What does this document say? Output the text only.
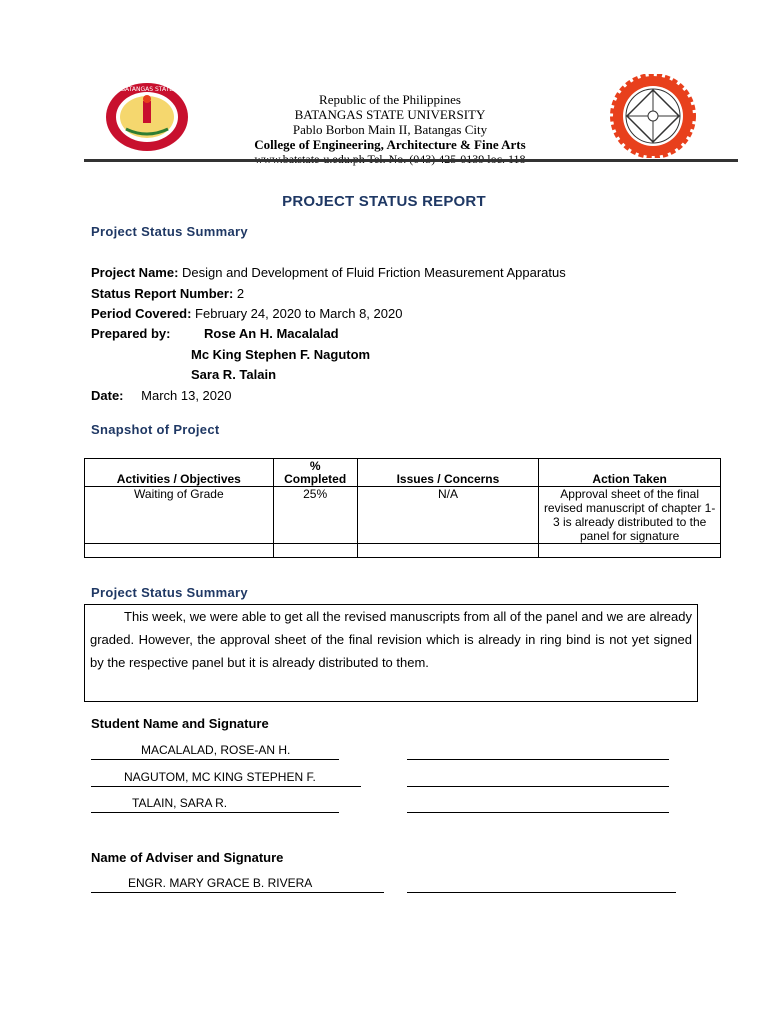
BATANGAS STATE
Republic of the Philippines
BATANGAS STATE UNIVERSITY
Pablo Borbon Main II, Batangas City
College of Engineering, Architecture & Fine Arts
PROJECT STATUS REPORT
Project Status Summary
Project Name: Design and Development of Fluid Friction Measurement Apparatus
Status Report Number: 2
Period Covered: February 24, 2020 to March 8, 2020
Prepared by:	Rose An H. Macalalad
Mc King Stephen F. Nagutom
Sara R. Talain
Date: March 13, 2020
Snapshot of Project
Activities / Objectives	% Completed	Issues / Concerns	Action Taken
Waiting of Grade	25%	N/A	Approval sheet of the final revised manuscript of chapter 1-3 is already distributed to the panel for signature

Project Status Summary
This week, we were able to get all the revised manuscripts from all of the panel and we are already graded. However, the approval sheet of the final revision which is already in ring bind is not yet signed by the respective panel but it is already distributed to them.
Student Name and Signature
MACALALAD, ROSE-AN H.
NAGUTOM, MC KING STEPHEN F.
TALAIN, SARA R.
Name of Adviser and Signature
ENGR. MARY GRACE B. RIVERA
